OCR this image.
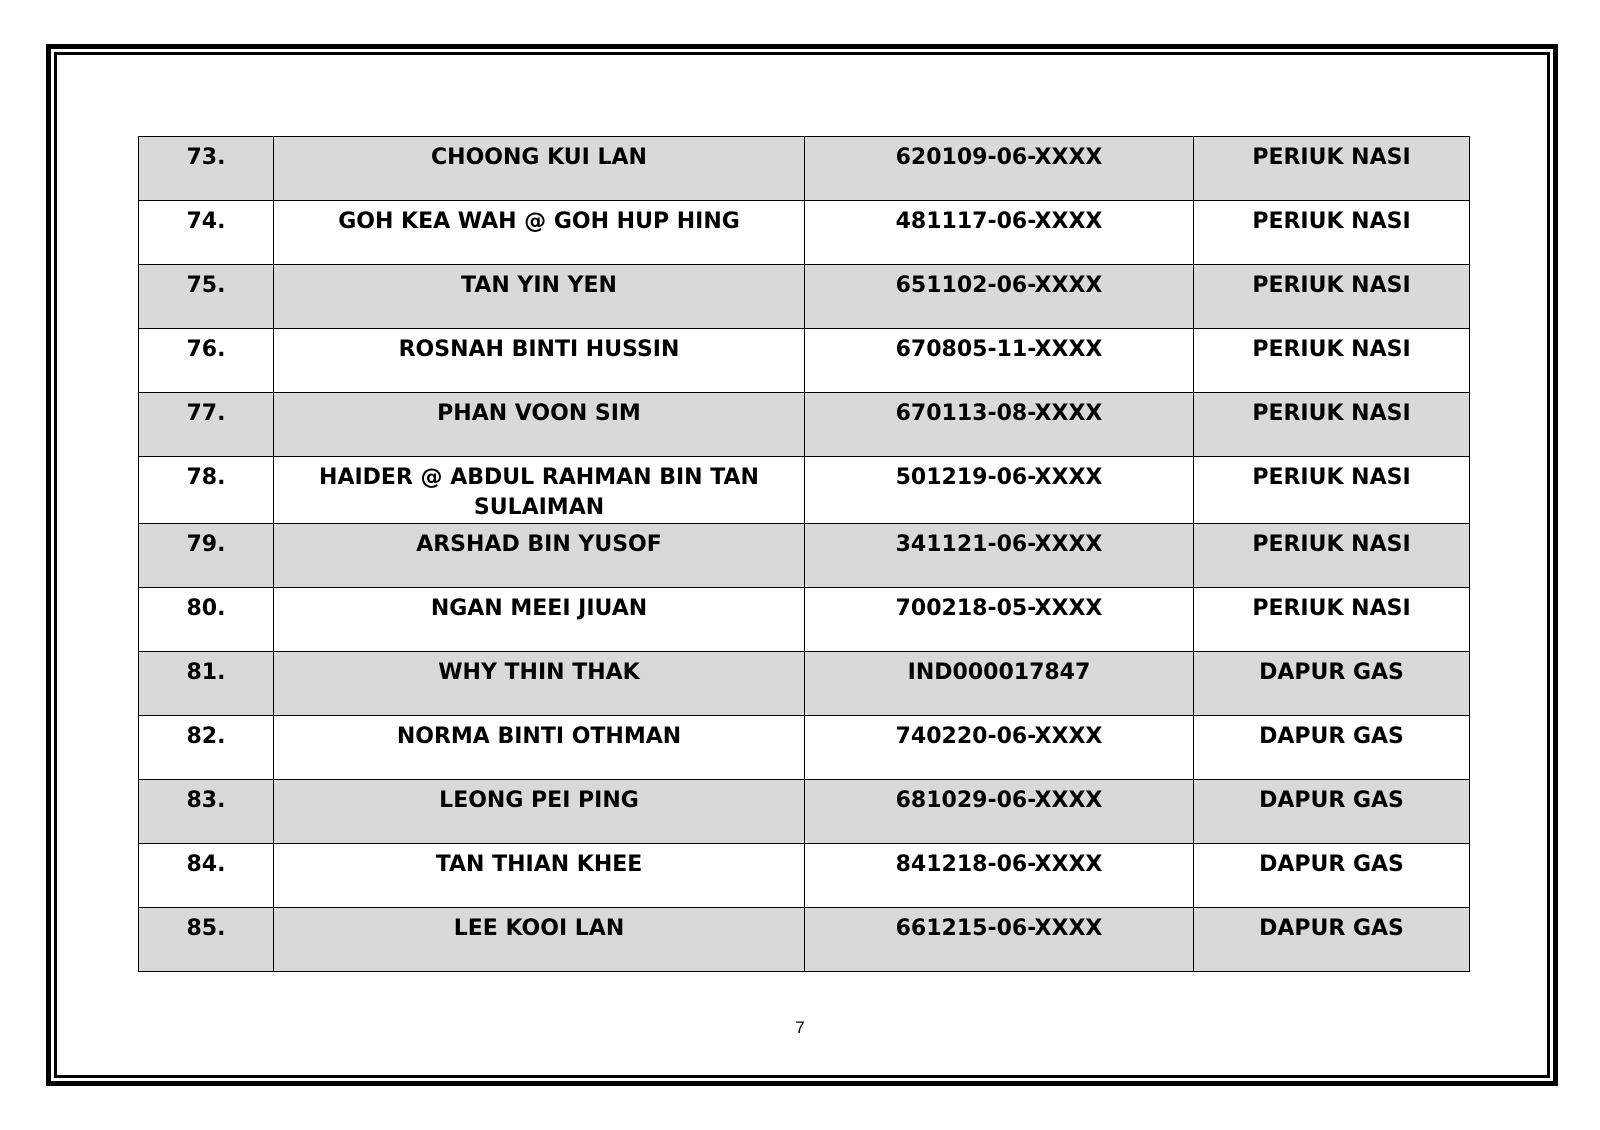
73.	CHOONG KUI LAN	620109-06-XXXX	PERIUK NASI
74.	GOH KEA WAH @ GOH HUP HING	481117-06-XXXX	PERIUK NASI
75.	TAN YIN YEN	651102-06-XXXX	PERIUK NASI
76.	ROSNAH BINTI HUSSIN	670805-11-XXXX	PERIUK NASI
77.	PHAN VOON SIM	670113-08-XXXX	PERIUK NASI
78.	HAIDER @ ABDUL RAHMAN BIN TAN SULAIMAN	501219-06-XXXX	PERIUK NASI
79.	ARSHAD BIN YUSOF	341121-06-XXXX	PERIUK NASI
80.	NGAN MEEI JIUAN	700218-05-XXXX	PERIUK NASI
81.	WHY THIN THAK	IND000017847	DAPUR GAS
82.	NORMA BINTI OTHMAN	740220-06-XXXX	DAPUR GAS
83.	LEONG PEI PING	681029-06-XXXX	DAPUR GAS
84.	TAN THIAN KHEE	841218-06-XXXX	DAPUR GAS
85.	LEE KOOI LAN	661215-06-XXXX	DAPUR GAS
7
